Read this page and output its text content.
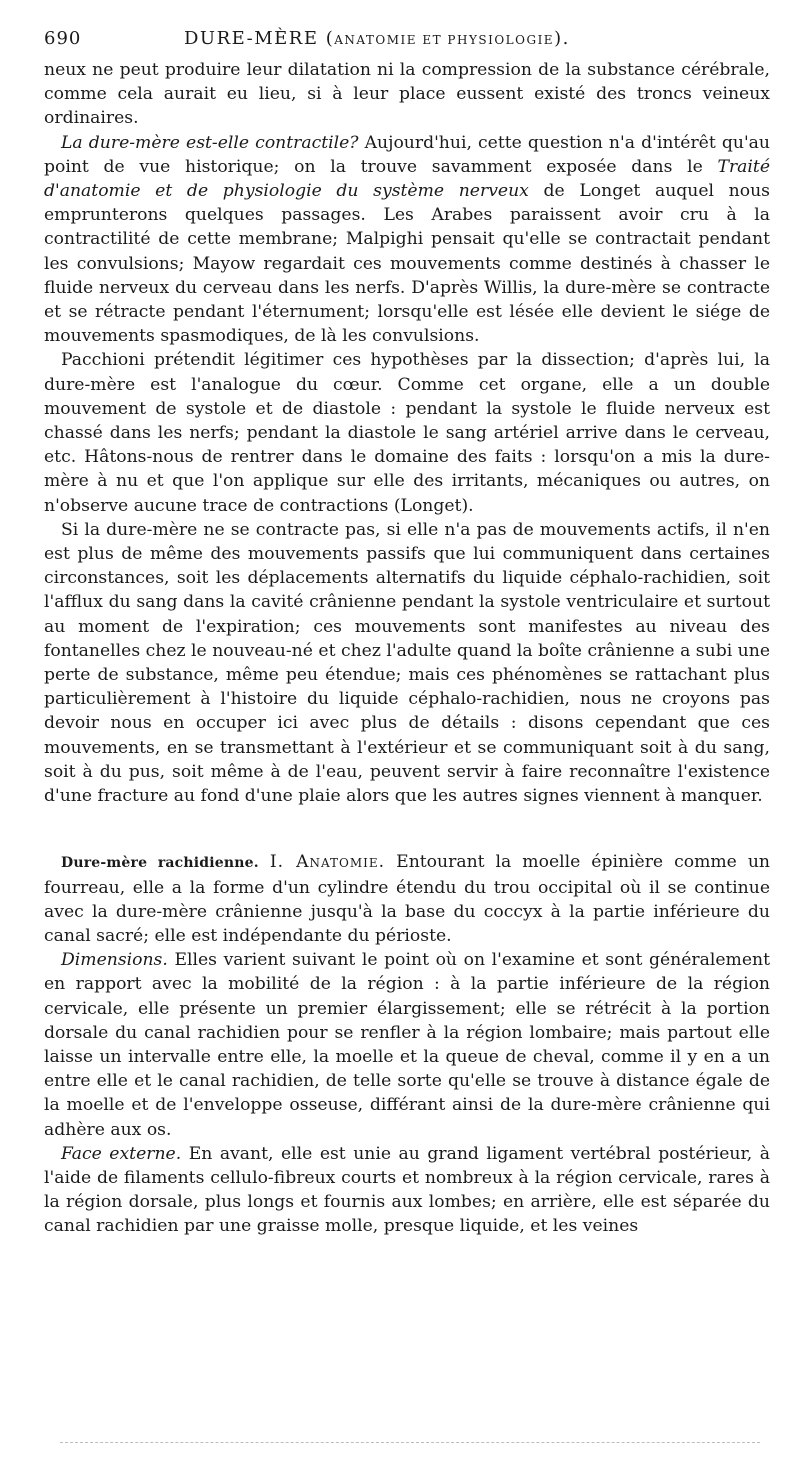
690	DURE-MÈRE (ANATOMIE ET PHYSIOLOGIE).

neux ne peut produire leur dilatation ni la compression de la substance cérébrale, comme cela aurait eu lieu, si à leur place eussent existé des troncs veineux ordinaires.

La dure-mère est-elle contractile? Aujourd'hui, cette question n'a d'intérêt qu'au point de vue historique; on la trouve savamment exposée dans le Traité d'anatomie et de physiologie du système nerveux de Longet auquel nous emprunterons quelques passages. Les Arabes paraissent avoir cru à la contractilité de cette membrane; Malpighi pensait qu'elle se contractait pendant les convulsions; Mayow regardait ces mouvements comme destinés à chasser le fluide nerveux du cerveau dans les nerfs. D'après Willis, la dure-mère se contracte et se rétracte pendant l'éternument; lorsqu'elle est lésée elle devient le siége de mouvements spasmodiques, de là les convulsions.

Pacchioni prétendit légitimer ces hypothèses par la dissection; d'après lui, la dure-mère est l'analogue du cœur. Comme cet organe, elle a un double mouvement de systole et de diastole : pendant la systole le fluide nerveux est chassé dans les nerfs; pendant la diastole le sang artériel arrive dans le cerveau, etc. Hâtons-nous de rentrer dans le domaine des faits : lorsqu'on a mis la dure-mère à nu et que l'on applique sur elle des irritants, mécaniques ou autres, on n'observe aucune trace de contractions (Longet).

Si la dure-mère ne se contracte pas, si elle n'a pas de mouvements actifs, il n'en est plus de même des mouvements passifs que lui communiquent dans certaines circonstances, soit les déplacements alternatifs du liquide céphalo-rachidien, soit l'afflux du sang dans la cavité crânienne pendant la systole ventriculaire et surtout au moment de l'expiration; ces mouvements sont manifestes au niveau des fontanelles chez le nouveau-né et chez l'adulte quand la boîte crânienne a subi une perte de substance, même peu étendue; mais ces phénomènes se rattachant plus particulièrement à l'histoire du liquide céphalo-rachidien, nous ne croyons pas devoir nous en occuper ici avec plus de détails : disons cependant que ces mouvements, en se transmettant à l'extérieur et se communiquant soit à du sang, soit à du pus, soit même à de l'eau, peuvent servir à faire reconnaître l'existence d'une fracture au fond d'une plaie alors que les autres signes viennent à manquer.

Dure-mère rachidienne. I. Anatomie. Entourant la moelle épinière comme un fourreau, elle a la forme d'un cylindre étendu du trou occipital où il se continue avec la dure-mère crânienne jusqu'à la base du coccyx à la partie inférieure du canal sacré; elle est indépendante du périoste.

Dimensions. Elles varient suivant le point où on l'examine et sont généralement en rapport avec la mobilité de la région : à la partie inférieure de la région cervicale, elle présente un premier élargissement; elle se rétrécit à la portion dorsale du canal rachidien pour se renfler à la région lombaire; mais partout elle laisse un intervalle entre elle, la moelle et la queue de cheval, comme il y en a un entre elle et le canal rachidien, de telle sorte qu'elle se trouve à distance égale de la moelle et de l'enveloppe osseuse, différant ainsi de la dure-mère crânienne qui adhère aux os.

Face externe. En avant, elle est unie au grand ligament vertébral postérieur, à l'aide de filaments cellulo-fibreux courts et nombreux à la région cervicale, rares à la région dorsale, plus longs et fournis aux lombes; en arrière, elle est séparée du canal rachidien par une graisse molle, presque liquide, et les veines
